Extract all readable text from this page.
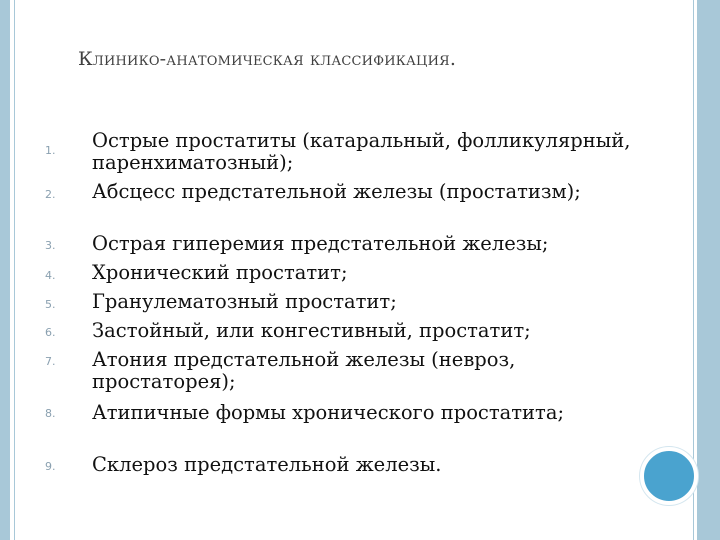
Клинико-анатомическая классификация.
1.	Острые простатиты (катаральный, фолликулярный, паренхиматозный);
2.	Абсцесс предстательной железы (простатизм);
3.	Острая гиперемия предстательной железы;
4.	Хронический простатит;
5.	Гранулематозный простатит;
6.	Застойный, или конгестивный, простатит;
7.	Атония предстательной железы (невроз, простаторея);
8.	Атипичные формы хронического простатита;
9.	Склероз предстательной железы.
